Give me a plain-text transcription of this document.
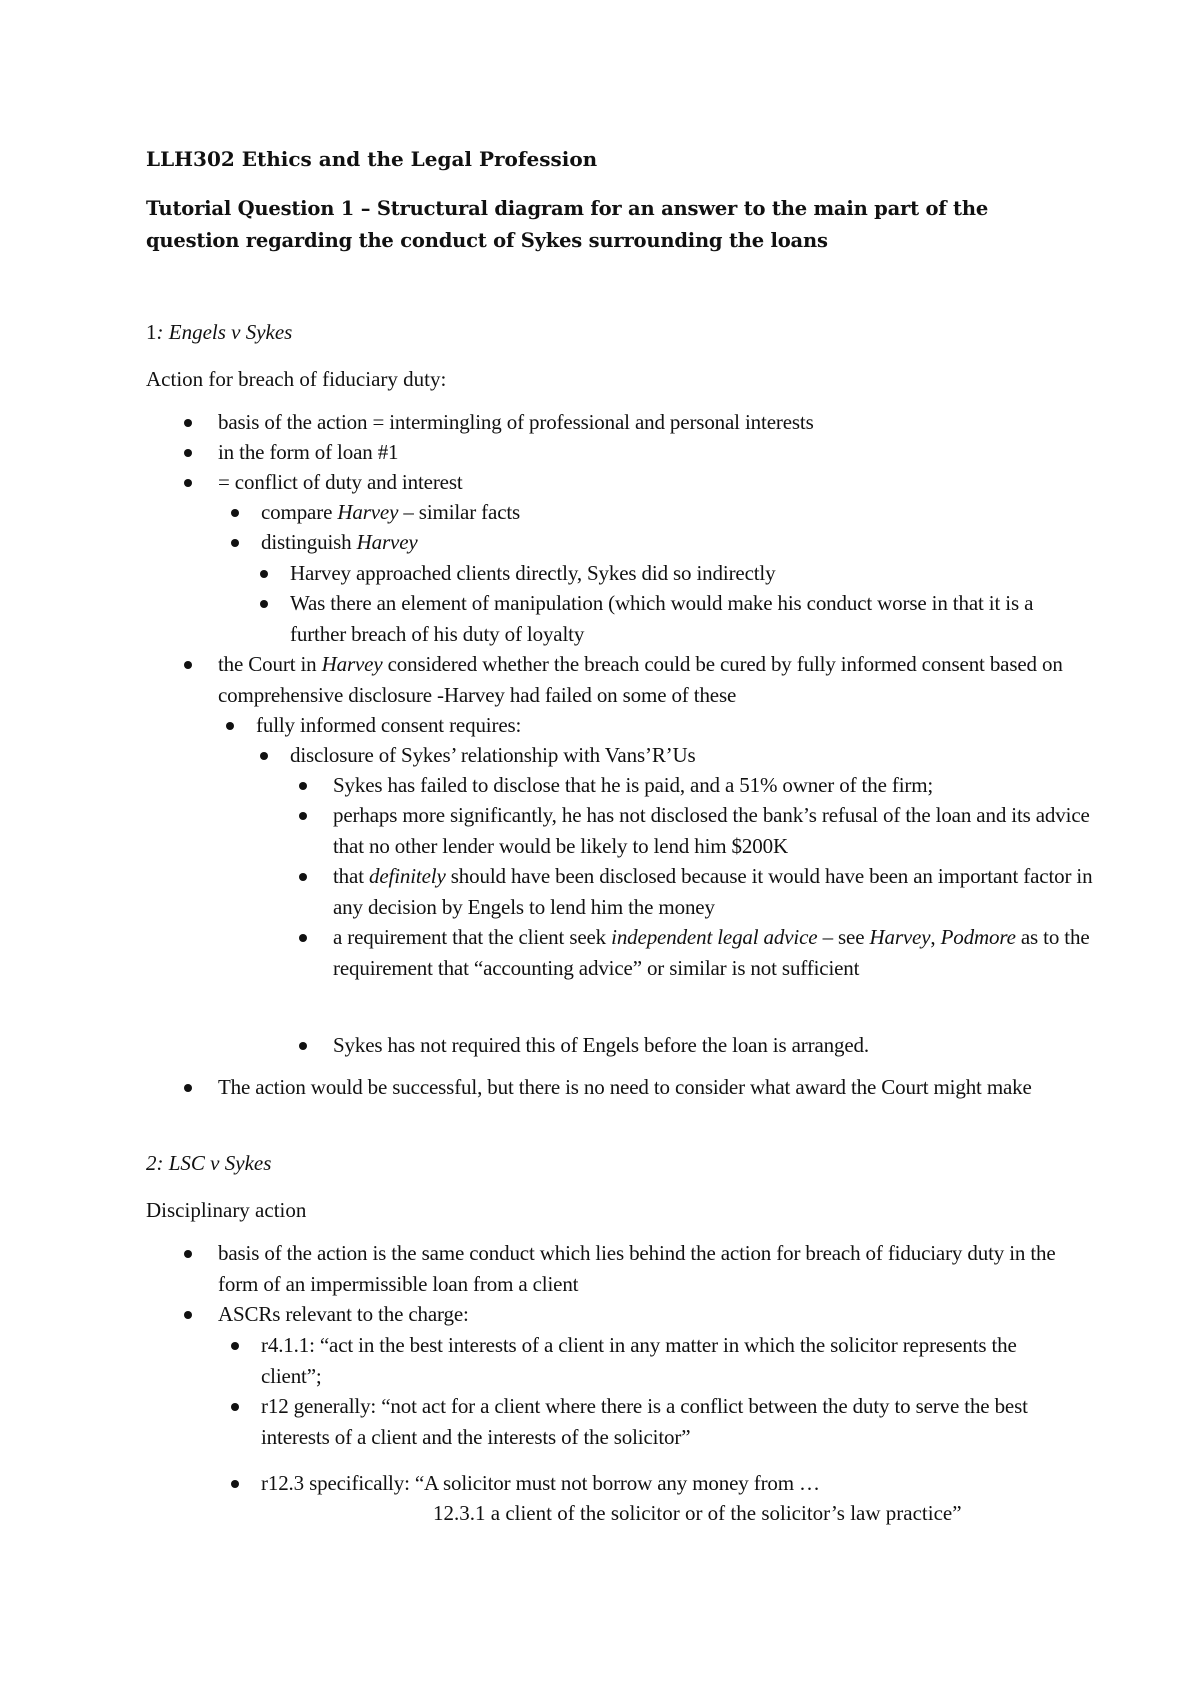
LLH302 Ethics and the Legal Profession
Tutorial Question 1 – Structural diagram for an answer to the main part of the question regarding the conduct of Sykes surrounding the loans
1: Engels v Sykes
Action for breach of fiduciary duty:
basis of the action = intermingling of professional and personal interests
in the form of loan #1
= conflict of duty and interest
compare Harvey – similar facts
distinguish Harvey
Harvey approached clients directly, Sykes did so indirectly
Was there an element of manipulation (which would make his conduct worse in that it is a further breach of his duty of loyalty
the Court in Harvey considered whether the breach could be cured by fully informed consent based on comprehensive disclosure -Harvey had failed on some of these
fully informed consent requires:
disclosure of Sykes’ relationship with Vans’R’Us
Sykes has failed to disclose that he is paid, and a 51% owner of the firm;
perhaps more significantly, he has not disclosed the bank’s refusal of the loan and its advice that no other lender would be likely to lend him $200K
that definitely should have been disclosed because it would have been an important factor in any decision by Engels to lend him the money
a requirement that the client seek independent legal advice – see Harvey, Podmore as to the requirement that “accounting advice” or similar is not sufficient
Sykes has not required this of Engels before the loan is arranged.
The action would be successful, but there is no need to consider what award the Court might make
2: LSC v Sykes
Disciplinary action
basis of the action is the same conduct which lies behind the action for breach of fiduciary duty in the form of an impermissible loan from a client
ASCRs relevant to the charge:
r4.1.1: “act in the best interests of a client in any matter in which the solicitor represents the client”;
r12 generally: “not act for a client where there is a conflict between the duty to serve the best interests of a client and the interests of the solicitor”
r12.3 specifically: “A solicitor must not borrow any money from …
12.3.1 a client of the solicitor or of the solicitor’s law practice”
